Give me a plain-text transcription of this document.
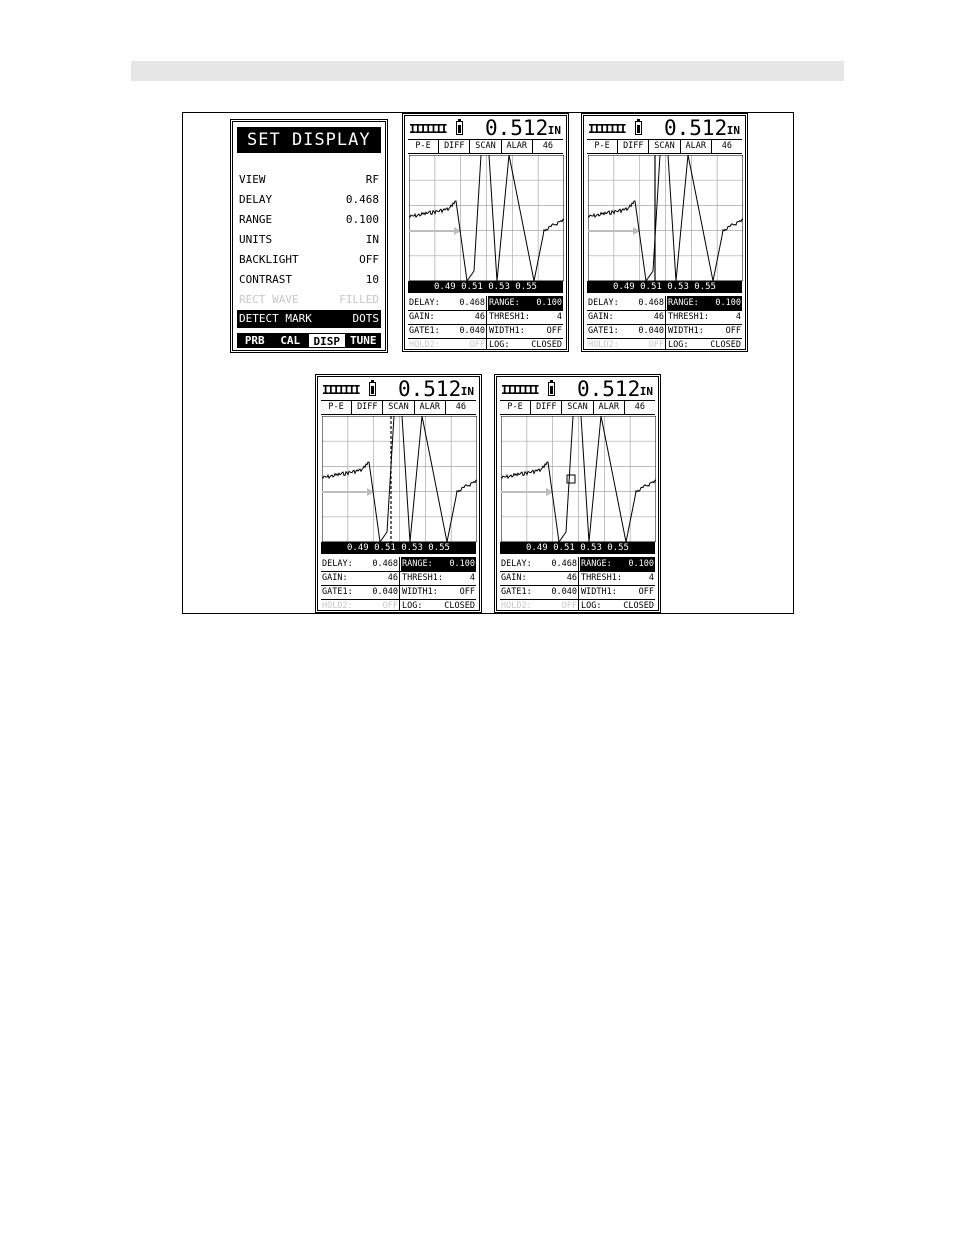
SET DISPLAY
VIEW	RF
DELAY	0.468
RANGE	0.100
UNITS	IN
BACKLIGHT	OFF
CONTRAST	10
RECT WAVE	FILLED
DETECT MARK	DOTS
PRB	CAL	DISP TUNE
IIIIIII 0.512 IN
P-E	DIFF	SCAN	ALAR	46
0.49 0.51 0.53 0.55
DELAY: 0.468 RANGE: 0.100
GAIN:	46 THRESH1:	4
GATE1: 0.040 WIDTH1:	OFF
HOLD2:	OFF LOG:	CLOSED
IIIIIII 0.512 IN
P-E	DIFF	SCAN	ALAR	46
0.49 0.51 0.53 0.55
DELAY: 0.468 RANGE: 0.100
GAIN:	46 THRESH1:	4
GATE1: 0.040 WIDTH1:	OFF
HOLD2:	OFF LOG:	CLOSED
IIIIIII 0.512 IN
P-E	DIFF	SCAN	ALAR	46
0.49 0.51 0.53 0.55
DELAY: 0.468 RANGE: 0.100
GAIN:	46 THRESH1:	4
GATE1: 0.040 WIDTH1:	OFF
HOLD2:	OFF LOG:	CLOSED
IIIIIII 0.512 IN
P-E	DIFF	SCAN	ALAR	46
0.49 0.51 0.53 0.55
DELAY: 0.468 RANGE: 0.100
GAIN:	46 THRESH1:	4
GATE1: 0.040 WIDTH1:	OFF
HOLD2:	OFF LOG:	CLOSED
